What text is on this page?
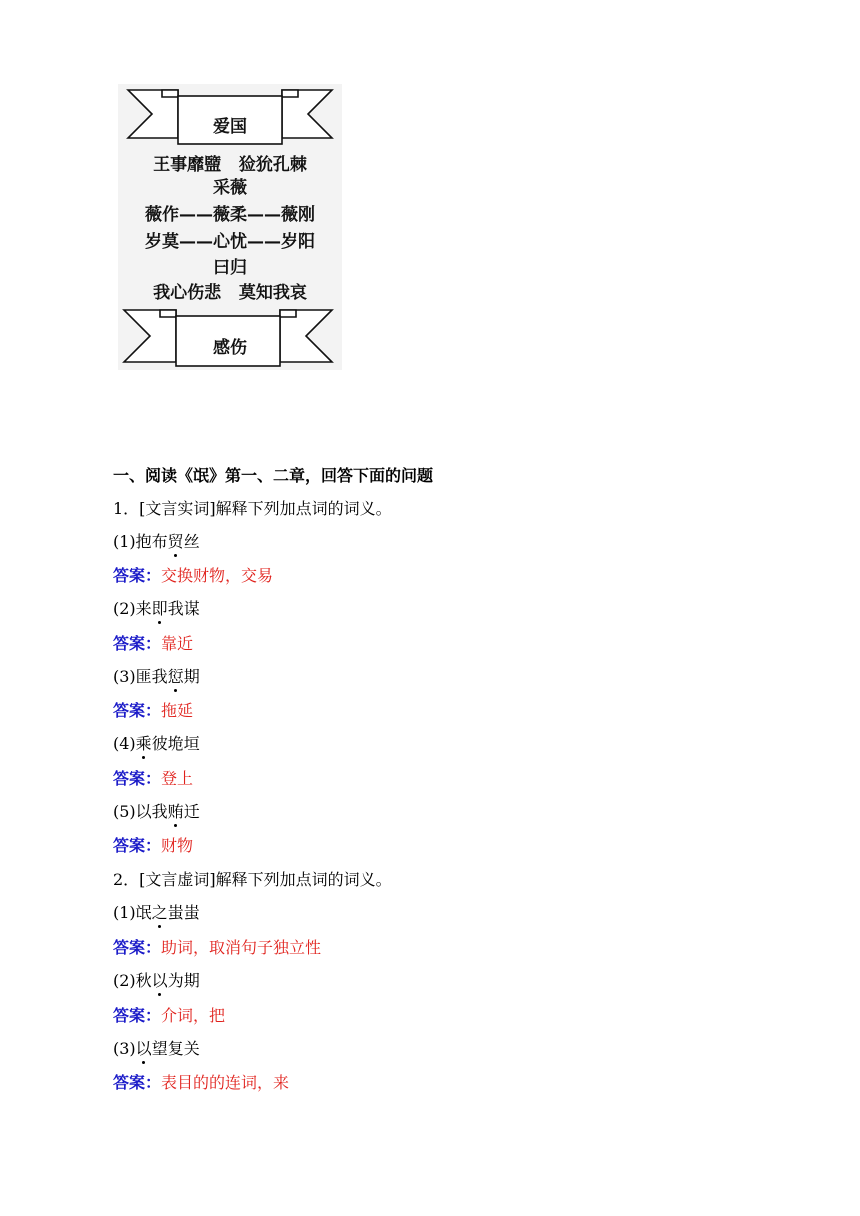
爱国
王事靡盬   猃狁孔棘
采薇
薇作——薇柔——薇刚
岁莫——心忧——岁阳
曰归
我心伤悲   莫知我哀
感伤
一、阅读《氓》第一、二章，回答下面的问题
1．[文言实词]解释下列加点词的词义。
(1)抱布贸丝
答案：交换财物，交易
(2)来即我谋
答案：靠近
(3)匪我愆期
答案：拖延
(4)乘彼垝垣
答案：登上
(5)以我贿迁
答案：财物
2．[文言虚词]解释下列加点词的词义。
(1)氓之蚩蚩
答案：助词，取消句子独立性
(2)秋以为期
答案：介词，把
(3)以望复关
答案：表目的的连词，来
